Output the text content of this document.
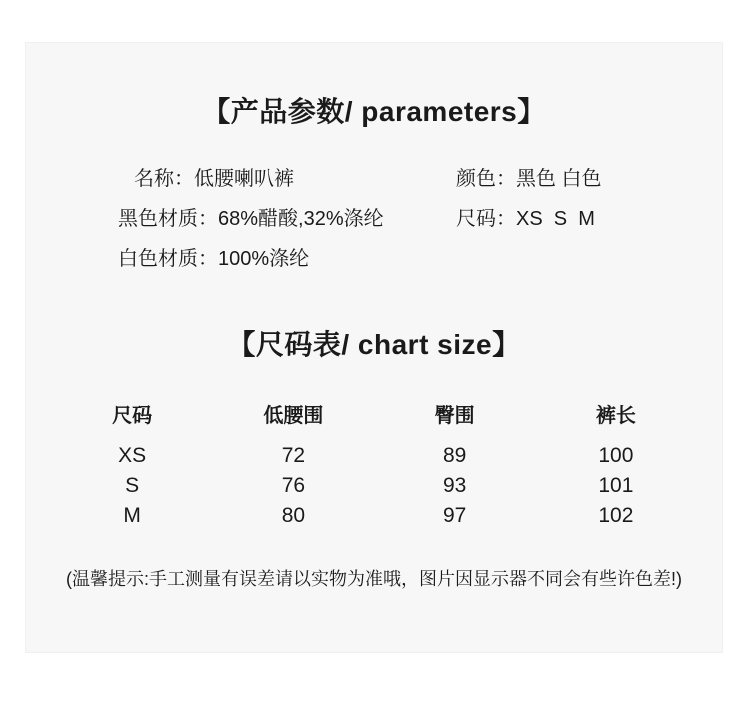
【产品参数/ parameters】
名称：低腰喇叭裤	颜色：黑色 白色
黑色材质：68%醋酸,32%涤纶	尺码：XS  S  M
白色材质：100%涤纶
【尺码表/ chart size】
尺码	低腰围	臀围	裤长
XS	72	89	100
S	76	93	101
M	80	97	102
(温馨提示:手工测量有误差请以实物为准哦，图片因显示器不同会有些许色差!)
